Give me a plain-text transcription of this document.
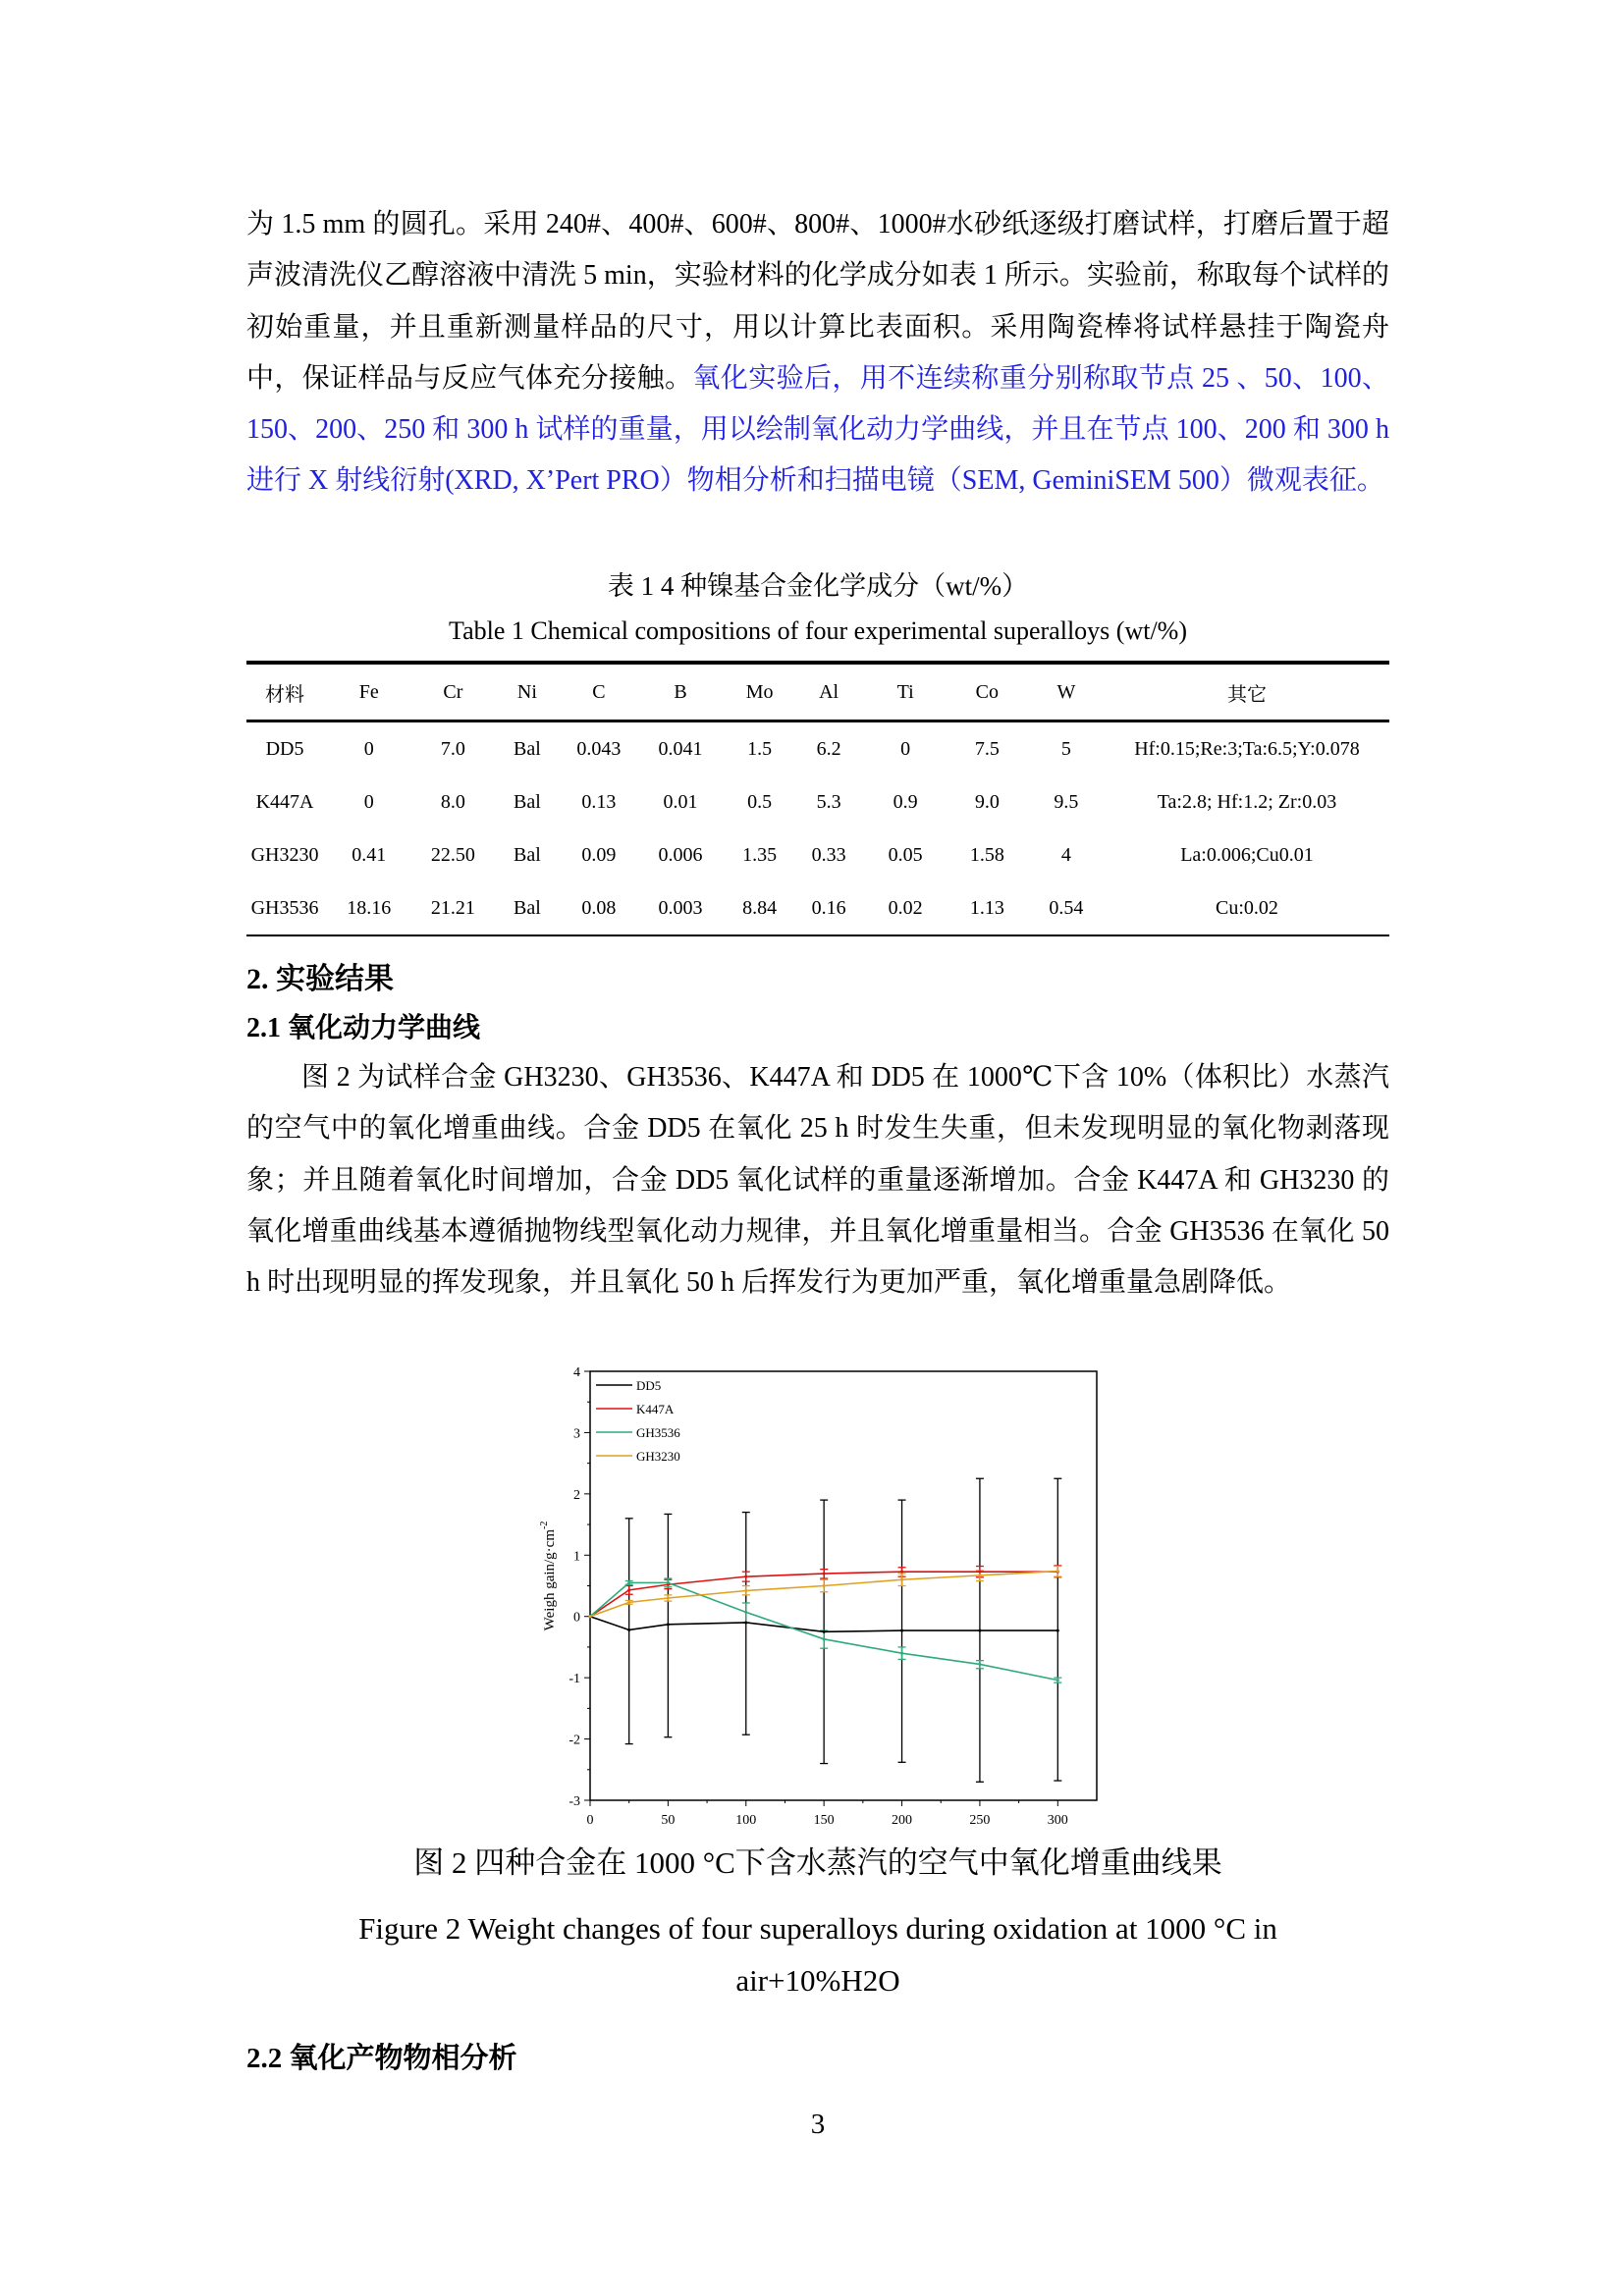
为 1.5 mm 的圆孔。采用 240#、400#、600#、800#、1000#水砂纸逐级打磨试样，打磨后置于超声波清洗仪乙醇溶液中清洗 5 min，实验材料的化学成分如表 1 所示。实验前，称取每个试样的初始重量，并且重新测量样品的尺寸，用以计算比表面积。采用陶瓷棒将试样悬挂于陶瓷舟中，保证样品与反应气体充分接触。氧化实验后，用不连续称重分别称取节点 25 、50、100、150、200、250 和 300 h 试样的重量，用以绘制氧化动力学曲线，并且在节点 100、200 和 300 h 进行 X 射线衍射(XRD, X’Pert PRO）物相分析和扫描电镜（SEM, GeminiSEM 500）微观表征。

表 1 4 种镍基合金化学成分（wt/%）
Table 1 Chemical compositions of four experimental superalloys (wt/%)
材料	Fe	Cr	Ni	C	B	Mo	Al	Ti	Co	W	其它
DD5	0	7.0	Bal	0.043	0.041	1.5	6.2	0	7.5	5	Hf:0.15;Re:3;Ta:6.5;Y:0.078
K447A	0	8.0	Bal	0.13	0.01	0.5	5.3	0.9	9.0	9.5	Ta:2.8; Hf:1.2; Zr:0.03
GH3230	0.41	22.50	Bal	0.09	0.006	1.35	0.33	0.05	1.58	4	La:0.006;Cu0.01
GH3536	18.16	21.21	Bal	0.08	0.003	8.84	0.16	0.02	1.13	0.54	Cu:0.02
2. 实验结果
2.1 氧化动力学曲线

图 2 为试样合金 GH3230、GH3536、K447A 和 DD5 在 1000℃下含 10%（体积比）水蒸汽的空气中的氧化增重曲线。合金 DD5 在氧化 25 h 时发生失重，但未发现明显的氧化物剥落现象；并且随着氧化时间增加，合金 DD5 氧化试样的重量逐渐增加。合金 K447A 和 GH3230 的氧化增重曲线基本遵循抛物线型氧化动力规律，并且氧化增重量相当。合金 GH3536 在氧化 50 h 时出现明显的挥发现象，并且氧化 50 h 后挥发行为更加严重，氧化增重量急剧降低。

0	50	100	150	200	250	300
-3
-2
-1
0
1
2
3
4
Weigh gain/$g\cdot cm^{-2}$
DD5
K447A
GH3536
GH3230
图 2 四种合金在 1000 °C下含水蒸汽的空气中氧化增重曲线果
Figure 2 Weight changes of four superalloys during oxidation at 1000 °C in
air+10%H2O
2.2 氧化产物物相分析
3
